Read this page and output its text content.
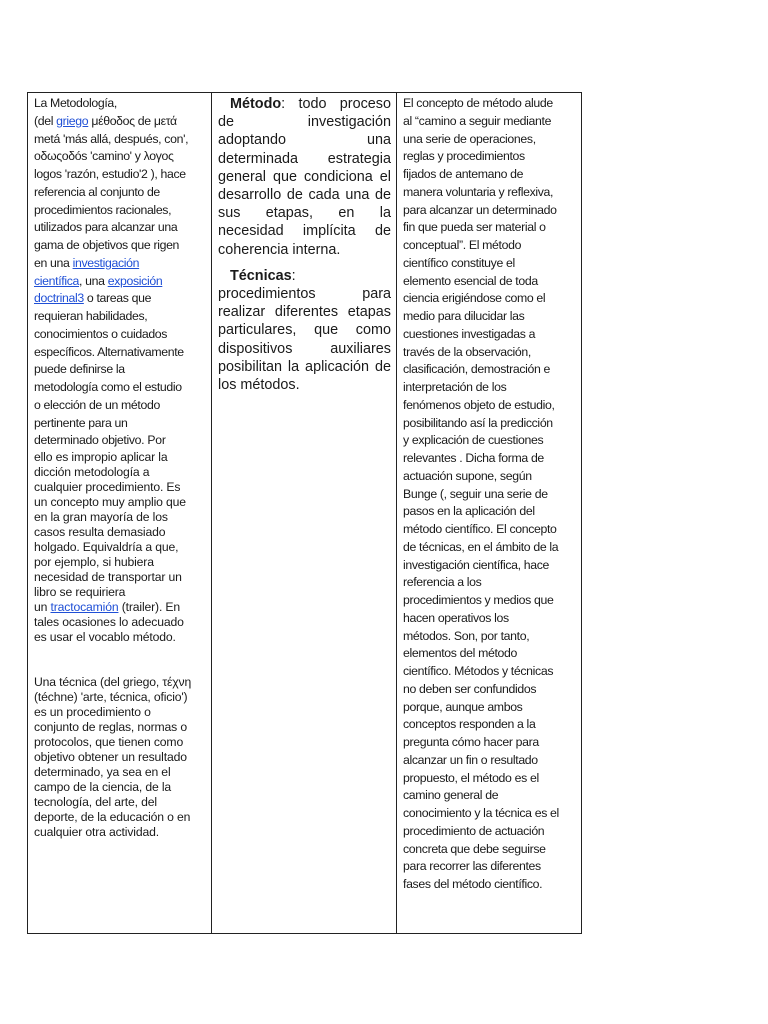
La Metodología,
(del griego μέθοδος de μετά
metá 'más allá, después, con',
οδωςοδós 'camino' y λογος
logos 'razón, estudio'2 ), hace
referencia al conjunto de
procedimientos racionales,
utilizados para alcanzar una
gama de objetivos que rigen
en una investigación
científica, una exposición
doctrinal3 o tareas que
requieran habilidades,
conocimientos o cuidados
específicos. Alternativamente
puede definirse la
metodología como el estudio
o elección de un método
pertinente para un
determinado objetivo. Por
ello es impropio aplicar la
dicción metodología a
cualquier procedimiento. Es
un concepto muy amplio que
en la gran mayoría de los
casos resulta demasiado
holgado. Equivaldría a que,
por ejemplo, si hubiera
necesidad de transportar un
libro se requiriera
un tractocamión (trailer). En
tales ocasiones lo adecuado
es usar el vocablo método.
Una técnica (del griego, τέχνη
(téchne) 'arte, técnica, oficio')
es un procedimiento o
conjunto de reglas, normas o
protocolos, que tienen como
objetivo obtener un resultado
determinado, ya sea en el
campo de la ciencia, de la
tecnología, del arte, del
deporte, de la educación o en
cualquier otra actividad.

Método: todo proceso de investigación adoptando una determinada estrategia general que condiciona el desarrollo de cada una de sus etapas, en la necesidad implícita de coherencia interna.

Técnicas:

procedimientos para realizar diferentes etapas particulares, que como dispositivos auxiliares posibilitan la aplicación de los métodos.

El concepto de método alude
al “camino a seguir mediante
una serie de operaciones,
reglas y procedimientos
fijados de antemano de
manera voluntaria y reflexiva,
para alcanzar un determinado
fin que pueda ser material o
conceptual”. El método
científico constituye el
elemento esencial de toda
ciencia erigiéndose como el
medio para dilucidar las
cuestiones investigadas a
través de la observación,
clasificación, demostración e
interpretación de los
fenómenos objeto de estudio,
posibilitando así la predicción
y explicación de cuestiones
relevantes . Dicha forma de
actuación supone, según
Bunge (, seguir una serie de
pasos en la aplicación del
método científico. El concepto
de técnicas, en el ámbito de la
investigación científica, hace
referencia a los
procedimientos y medios que
hacen operativos los
métodos. Son, por tanto,
elementos del método
científico. Métodos y técnicas
no deben ser confundidos
porque, aunque ambos
conceptos responden a la
pregunta cómo hacer para
alcanzar un fin o resultado
propuesto, el método es el
camino general de
conocimiento y la técnica es el
procedimiento de actuación
concreta que debe seguirse
para recorrer las diferentes
fases del método científico.
